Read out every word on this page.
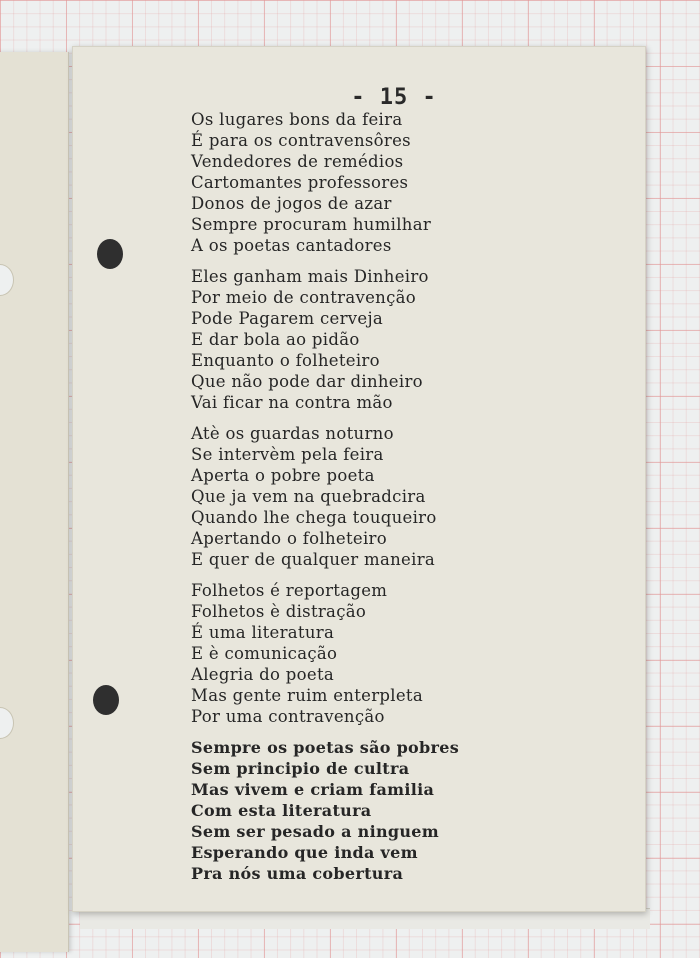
- 15 -
Os lugares bons da feira
É para os contravensôres
Vendedores de remédios
Cartomantes professores
Donos de jogos de azar
Sempre procuram humilhar
A os poetas cantadores
Eles ganham mais Dinheiro
Por meio de contravenção
Pode Pagarem cerveja
E dar bola ao pidão
Enquanto o folheteiro
Que não pode dar dinheiro
Vai ficar na contra mão
Atè os guardas noturno
Se intervèm pela feira
Aperta o pobre poeta
Que ja vem na quebradcira
Quando lhe chega touqueiro
Apertando o folheteiro
E quer de qualquer maneira
Folhetos é reportagem
Folhetos è distração
É uma literatura
E è comunicação
Alegria do poeta
Mas gente ruim enterpleta
Por uma contravenção
Sempre os poetas são pobres
Sem principio de cultra
Mas vivem e criam familia
Com esta literatura
Sem ser pesado a ninguem
Esperando que inda vem
Pra nós uma cobertura
